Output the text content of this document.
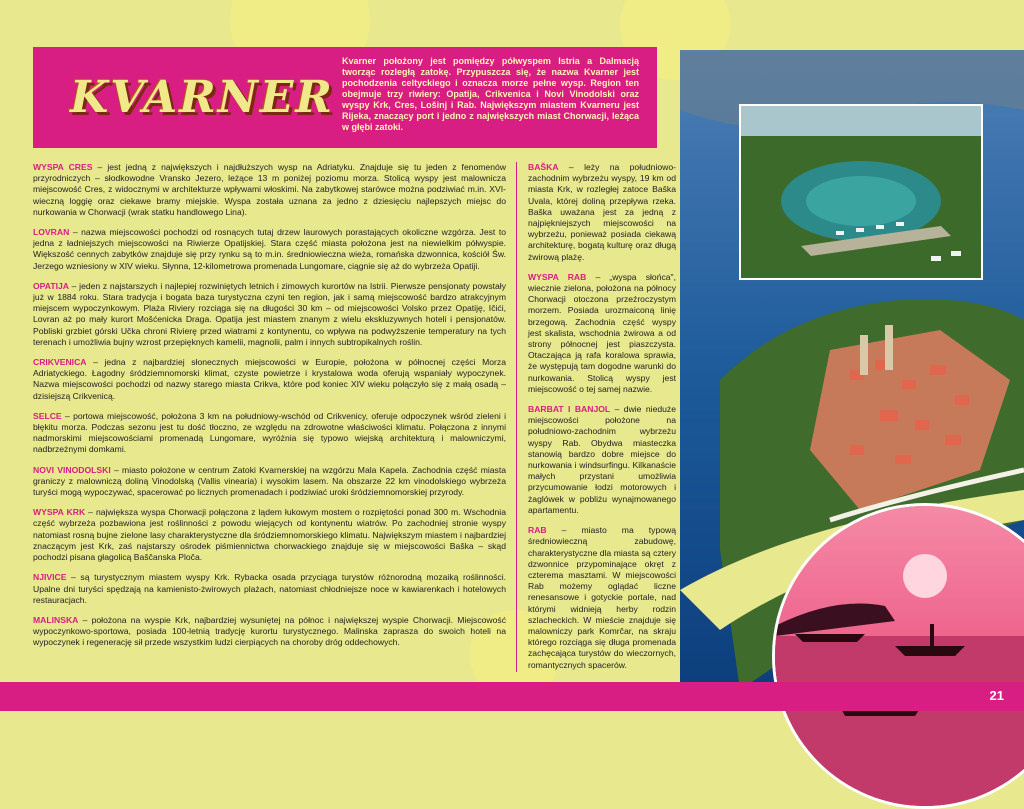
KVARNER
Kvarner położony jest pomiędzy półwyspem Istria a Dalmacją tworząc rozległą zatokę. Przypuszcza się, że nazwa Kvarner jest pochodzenia celtyckiego i oznacza morze pełne wysp. Region ten obejmuje trzy riwiery: Opatija, Crikvenica i Novi Vinodolski oraz wyspy Krk, Cres, Lošinj i Rab. Największym miastem Kvarneru jest Rijeka, znaczący port i jedno z największych miast Chorwacji, leżąca w głębi zatoki.

WYSPA CRES – jest jedną z największych i najdłuższych wysp na Adriatyku. Znajduje się tu jeden z fenomenów przyrodniczych – słodkowodne Vransko Jezero, leżące 13 m poniżej poziomu morza. Stolicą wyspy jest malownicza miejscowość Cres, z widocznymi w architekturze wpływami włoskimi. Na zabytkowej starówce można podziwiać m.in. XVI-wieczną loggię oraz ciekawe bramy miejskie. Wyspa została uznana za jedno z dziesięciu najlepszych miejsc do nurkowania w Chorwacji (wrak statku handlowego Lina).

LOVRAN – nazwa miejscowości pochodzi od rosnących tutaj drzew laurowych porastających okoliczne wzgórza. Jest to jedna z ładniejszych miejscowości na Riwierze Opatijskiej. Stara część miasta położona jest na niewielkim półwyspie. Większość cennych zabytków znajduje się przy rynku są to m.in. średniowieczna wieża, romańska dzwonnica, kościół Św. Jerzego wzniesiony w XIV wieku. Słynna, 12-kilometrowa promenada Lungomare, ciągnie się aż do wybrzeża Opatiji.

OPATIJA – jeden z najstarszych i najlepiej rozwiniętych letnich i zimowych kurortów na Istrii. Pierwsze pensjonaty powstały już w 1884 roku. Stara tradycja i bogata baza turystyczna czyni ten region, jak i samą miejscowość bardzo atrakcyjnym miejscem wypoczynkowym. Plaża Riviery rozciąga się na długości 30 km – od miejscowości Volsko przez Opatiję, Ičići, Lovran aż po mały kurort Mošćenicka Draga. Opatija jest miastem znanym z wielu ekskluzywnych hoteli i pensjonatów. Pobliski grzbiet górski Učka chroni Rivierę przed wiatrami z kontynentu, co wpływa na podwyższenie temperatury na tych terenach i umożliwia bujny wzrost przepięknych kamelii, magnolii, palm i innych subtropikalnych roślin.

CRIKVENICA – jedna z najbardziej słonecznych miejscowości w Europie, położona w północnej części Morza Adriatyckiego. Łagodny śródziemnomorski klimat, czyste powietrze i krystalowa woda oferują wspaniały wypoczynek. Nazwa miejscowości pochodzi od nazwy starego miasta Crikva, które pod koniec XIV wieku połączyło się z małą osadą – dzisiejszą Crikvenicą.

SELCE – portowa miejscowość, położona 3 km na południowy-wschód od Crikvenicy, oferuje odpoczynek wśród zieleni i błękitu morza. Podczas sezonu jest tu dość tłoczno, ze względu na zdrowotne właściwości klimatu. Połączona z innymi nadmorskimi miejscowościami promenadą Lungomare, wyróżnia się typowo wiejską architekturą i malowniczymi, nadbrzeżnymi domkami.

NOVI VINODOLSKI – miasto położone w centrum Zatoki Kvarnerskiej na wzgórzu Mala Kapela. Zachodnia część miasta graniczy z malowniczą doliną Vinodolską (Vallis vinearia) i wysokim lasem. Na obszarze 22 km vinodolskiego wybrzeża turyści mogą wypoczywać, spacerować po licznych promenadach i podziwiać uroki śródziemnomorskiej przyrody.

WYSPA KRK – największa wyspa Chorwacji połączona z lądem łukowym mostem o rozpiętości ponad 300 m. Wschodnia część wybrzeża pozbawiona jest roślinności z powodu wiejących od kontynentu wiatrów. Po zachodniej stronie wyspy natomiast rosną bujne zielone lasy charakterystyczne dla śródziemnomorskiego klimatu. Największym miastem i najbardziej znaczącym jest Krk, zaś najstarszy ośrodek piśmiennictwa chorwackiego znajduje się w miejscowości Baška – skąd pochodzi pisana głagolicą Baščanska Ploča.

NJIVICE – są turystycznym miastem wyspy Krk. Rybacka osada przyciąga turystów różnorodną mozaiką roślinności. Upalne dni turyści spędzają na kamienisto-żwirowych plażach, natomiast chłodniejsze noce w kawiarenkach i hotelowych restauracjach.

MALINSKA – położona na wyspie Krk, najbardziej wysuniętej na północ i największej wyspie Chorwacji. Miejscowość wypoczynkowo-sportowa, posiada 100-letnią tradycję kurortu turystycznego. Malinska zaprasza do swoich hoteli na wypoczynek i regenerację sił przede wszystkim ludzi cierpiących na choroby dróg oddechowych.

BAŠKA – leży na południowo-zachodnim wybrzeżu wyspy, 19 km od miasta Krk, w rozległej zatoce Baška Uvala, której doliną przepływa rzeka. Baška uważana jest za jedną z najpiękniejszych miejscowości na wybrzeżu, ponieważ posiada ciekawą architekturę, bogatą kulturę oraz długą żwirową plażę.

WYSPA RAB – „wyspa słońca", wiecznie zielona, położona na północy Chorwacji otoczona przeźroczystym morzem. Posiada urozmaiconą linię brzegową. Zachodnia część wyspy jest skalista, wschodnia żwirowa a od strony północnej jest piaszczysta. Otaczająca ją rafa koralowa sprawia, że występują tam dogodne warunki do nurkowania. Stolicą wyspy jest miejscowość o tej samej nazwie.

BARBAT I BANJOL – dwie nieduże miejscowości położone na południowo-zachodnim wybrzeżu wyspy Rab. Obydwa miasteczka stanowią bardzo dobre miejsce do nurkowania i windsurfingu. Kilkanaście małych przystani umożliwia przycumowanie łodzi motorowych i żaglówek w pobliżu wynajmowanego apartamentu.

RAB – miasto ma typową średniowieczną zabudowę, charakterystyczne dla miasta są cztery dzwonnice przypominające okręt z czterema masztami. W miejscowości Rab możemy oglądać liczne renesansowe i gotyckie portale, nad którymi widnieją herby rodzin szlacheckich. W mieście znajduje się malowniczy park Komrčar, na skraju którego rozciąga się długa promenada zachęcająca turystów do wieczornych, romantycznych spacerów.

21
